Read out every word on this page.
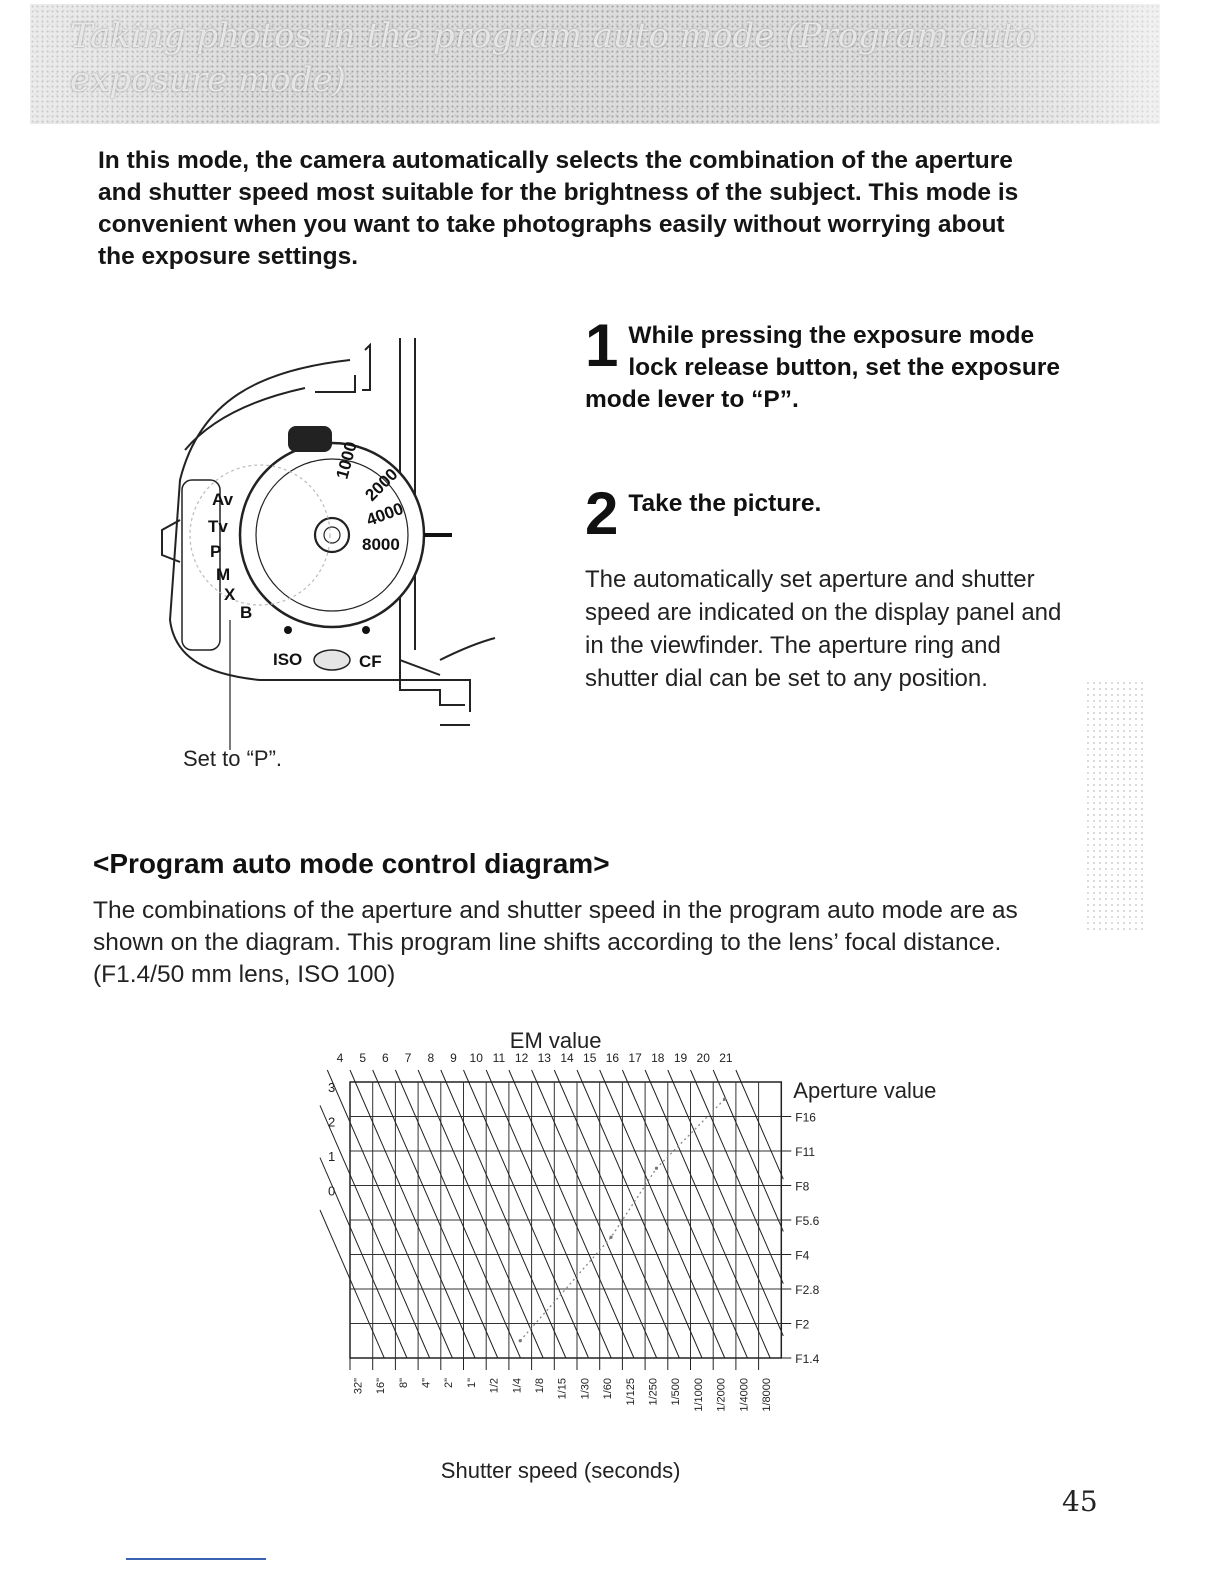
Taking photos in the program auto mode (Program auto exposure mode)
In this mode, the camera automatically selects the combination of the aperture and shutter speed most suitable for the brightness of the subject. This mode is convenient when you want to take photographs easily without worrying about the exposure settings.
Av
Tv
P
M
X
B
1000
2000
4000
8000
ISO	CF
Set to “P”.
1 While pressing the exposure mode lock release button, set the exposure mode lever to “P”.
2 Take the picture.
The automatically set aperture and shutter speed are indicated on the display panel and in the viewfinder. The aperture ring and shutter dial can be set to any position.
<Program auto mode control diagram>
The combinations of the aperture and shutter speed in the program auto mode are as shown on the diagram. This program line shifts according to the lens’ focal distance. (F1.4/50 mm lens, ISO 100)
EM value
Aperture value
Shutter speed (seconds)
4 5 6 7 8 9 10 11 12 13 14 15 16 17 18 19 20 21
3
2
1
0
F1.4
F2
F2.8
F4
F5.6
F8
F11
F16
32" 16" 8" 4" 2" 1" 1/2 1/4 1/8 1/15 1/30 1/60 1/125 1/250 1/500 1/1000 1/2000 1/4000 1/8000
45
